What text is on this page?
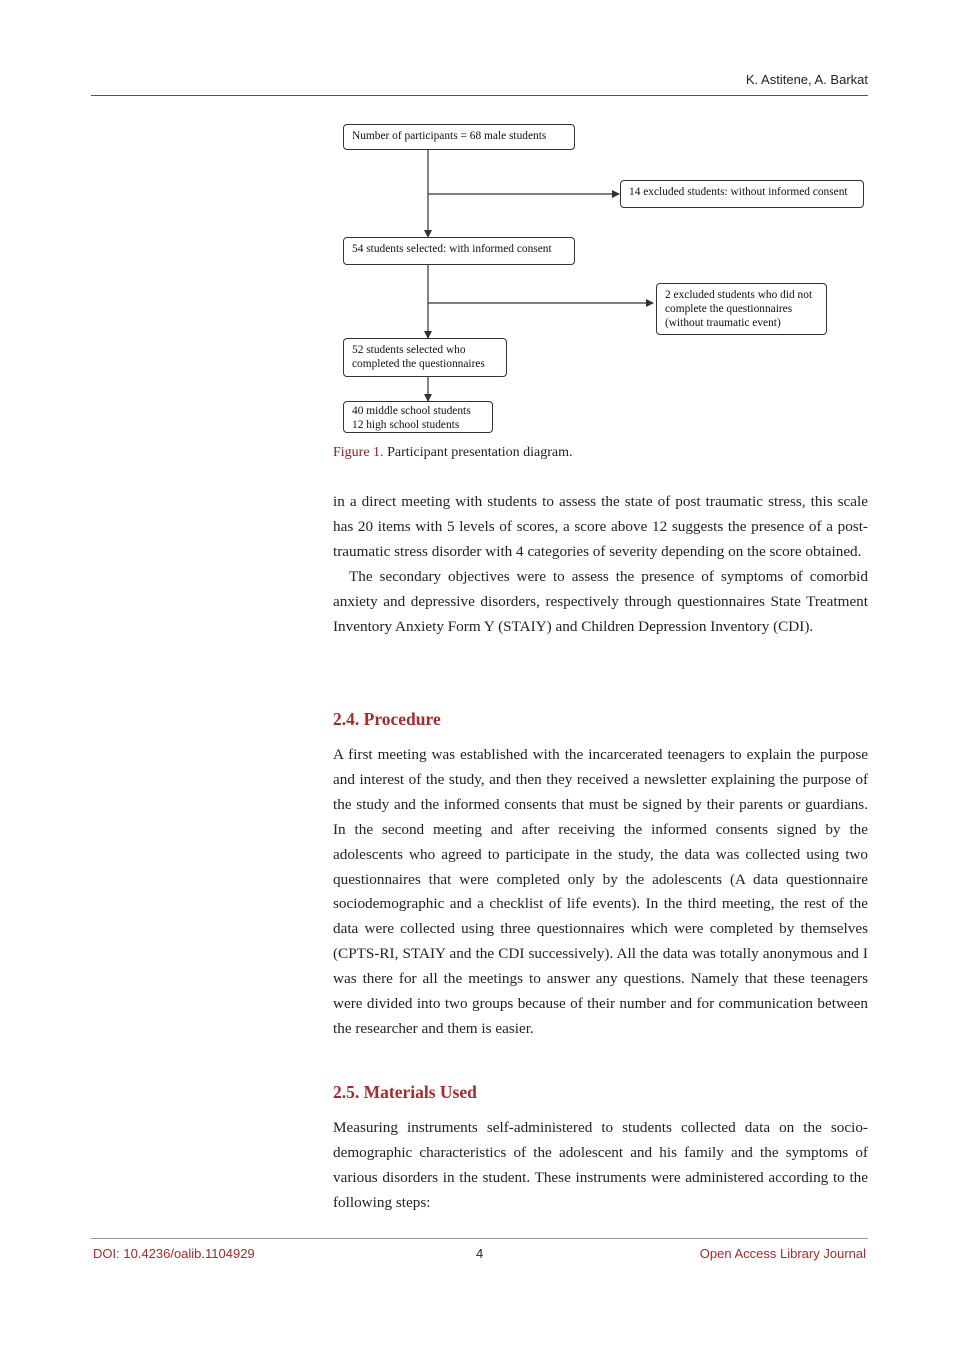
K. Astitene, A. Barkat
Number of participants = 68 male students
14 excluded students: without informed consent
54 students selected: with informed consent
2 excluded students who did not
complete the questionnaires
(without traumatic event)
52 students selected who
completed the questionnaires
40 middle school students
12 high school students
Figure 1. Participant presentation diagram.

in a direct meeting with students to assess the state of post traumatic stress, this scale has 20 items with 5 levels of scores, a score above 12 suggests the presence of a post-traumatic stress disorder with 4 categories of severity depending on the score obtained.

The secondary objectives were to assess the presence of symptoms of comorbid anxiety and depressive disorders, respectively through questionnaires State Treatment Inventory Anxiety Form Y (STAIY) and Children Depression Inventory (CDI).

2.4. Procedure

A first meeting was established with the incarcerated teenagers to explain the purpose and interest of the study, and then they received a newsletter explaining the purpose of the study and the informed consents that must be signed by their parents or guardians. In the second meeting and after receiving the informed consents signed by the adolescents who agreed to participate in the study, the data was collected using two questionnaires that were completed only by the adolescents (A data questionnaire sociodemographic and a checklist of life events). In the third meeting, the rest of the data were collected using three questionnaires which were completed by themselves (CPTS-RI, STAIY and the CDI successively). All the data was totally anonymous and I was there for all the meetings to answer any questions. Namely that these teenagers were divided into two groups because of their number and for communication between the researcher and them is easier.

2.5. Materials Used

Measuring instruments self-administered to students collected data on the socio-demographic characteristics of the adolescent and his family and the symptoms of various disorders in the student. These instruments were administered according to the following steps:

DOI: 10.4236/oalib.1104929	4	Open Access Library Journal
